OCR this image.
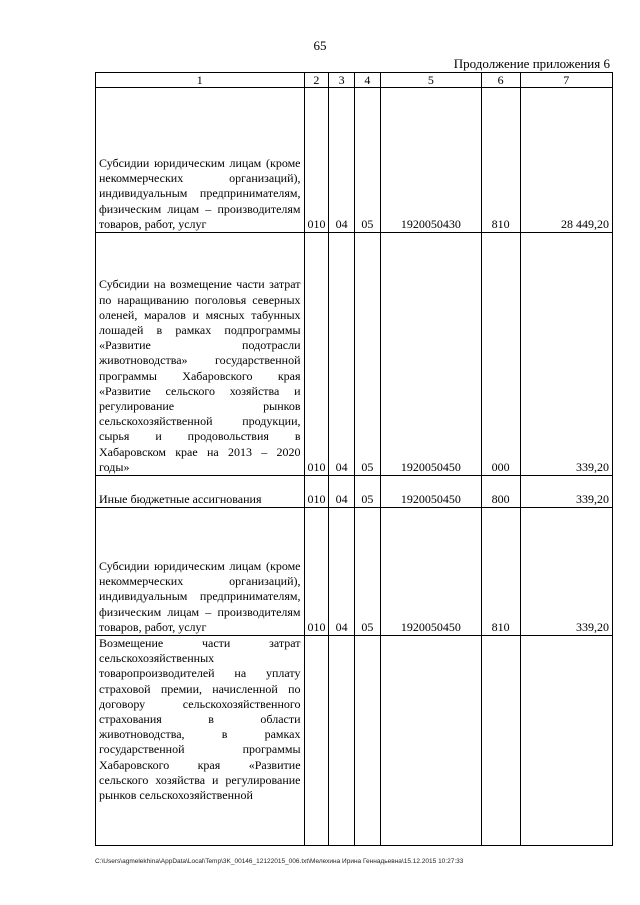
65
Продолжение приложения 6
1	2	3	4	5	6	7
Субсидии юридическим лицам (кроме некоммерческих организаций), индивидуальным предпринимателям, физическим лицам – производителям товаров, работ, услуг	010	04	05	1920050430	810	28 449,20
Субсидии на возмещение части затрат по наращиванию поголовья северных оленей, маралов и мясных табунных лошадей в рамках подпрограммы «Развитие подотрасли животноводства» государственной программы Хабаровского края «Развитие сельского хозяйства и регулирование рынков сельскохозяйственной продукции, сырья и продовольствия в Хабаровском крае на 2013 – 2020 годы»	010	04	05	1920050450	000	339,20
Иные бюджетные ассигнования	010	04	05	1920050450	800	339,20
Субсидии юридическим лицам (кроме некоммерческих организаций), индивидуальным предпринимателям, физическим лицам – производителям товаров, работ, услуг	010	04	05	1920050450	810	339,20
Возмещение части затрат сельскохозяйственных товаропроизводителей на уплату страховой премии, начисленной по договору сельскохозяйственного страхования в области животноводства, в рамках государственной программы Хабаровского края «Развитие сельского хозяйства и регулирование рынков сельскохозяйственной						
C:\Users\agmelekhina\AppData\Local\Temp\3K_00146_12122015_006.txt\Мелехина Ирина Геннадьевна\15.12.2015 10:27:33
